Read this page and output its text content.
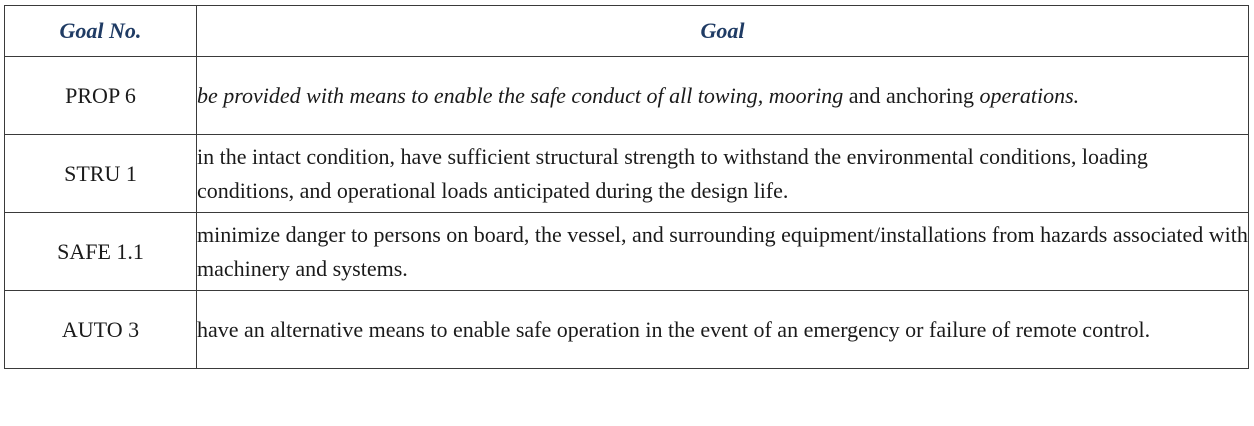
Goal No.	Goal
PROP 6	be provided with means to enable the safe conduct of all towing, mooring and anchoring operations.
STRU 1	in the intact condition, have sufficient structural strength to withstand the environmental conditions, loading conditions, and operational loads anticipated during the design life.
SAFE 1.1	minimize danger to persons on board, the vessel, and surrounding equipment/installations from hazards associated with machinery and systems.
AUTO 3	have an alternative means to enable safe operation in the event of an emergency or failure of remote control.
